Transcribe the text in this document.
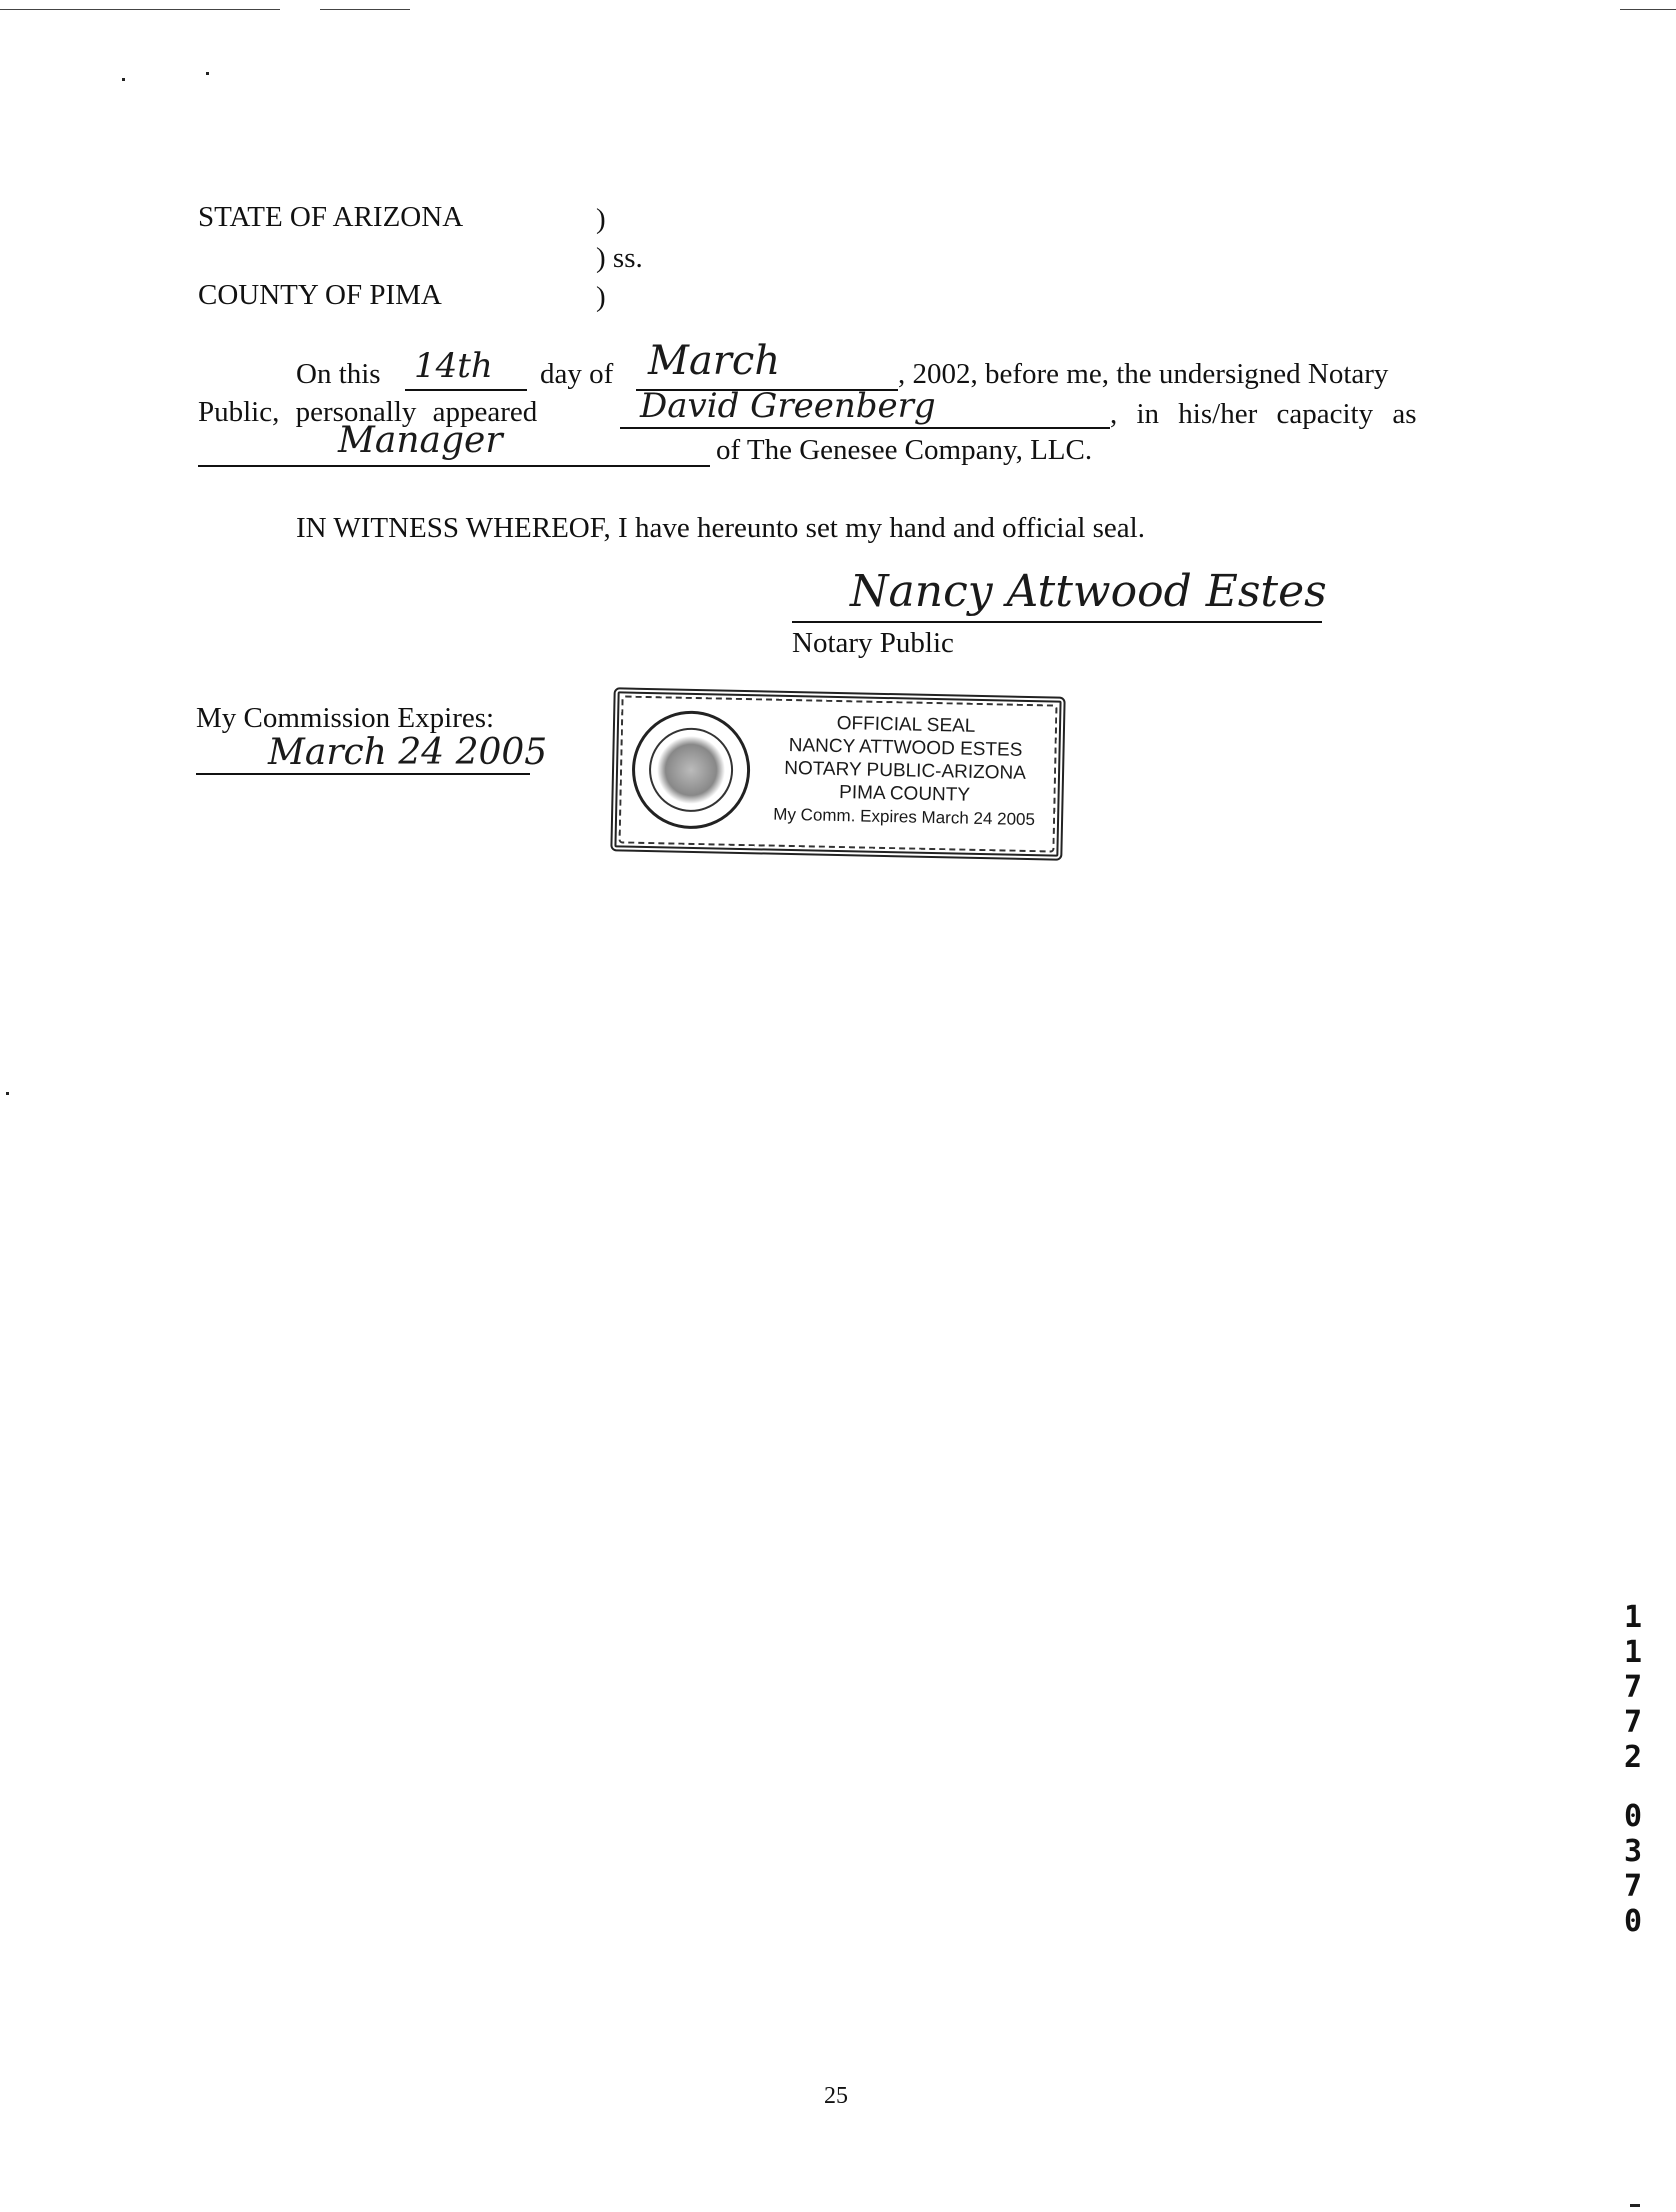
STATE OF ARIZONA	)
) ss.
COUNTY OF PIMA	)
On this 14th day of March	, 2002, before me, the undersigned Notary
Public, personally appeared	David Greenberg	, in his/her capacity as
Manager	of The Genesee Company, LLC.
IN WITNESS WHEREOF, I have hereunto set my hand and official seal.
Nancy Attwood Estes
Notary Public
My Commission Expires:
March 24 2005
OFFICIAL SEAL
NANCY ATTWOOD ESTES
NOTARY PUBLIC-ARIZONA
PIMA COUNTY
My Comm. Expires March 24 2005
1
1
7
7
2
0
3
7
0
25
